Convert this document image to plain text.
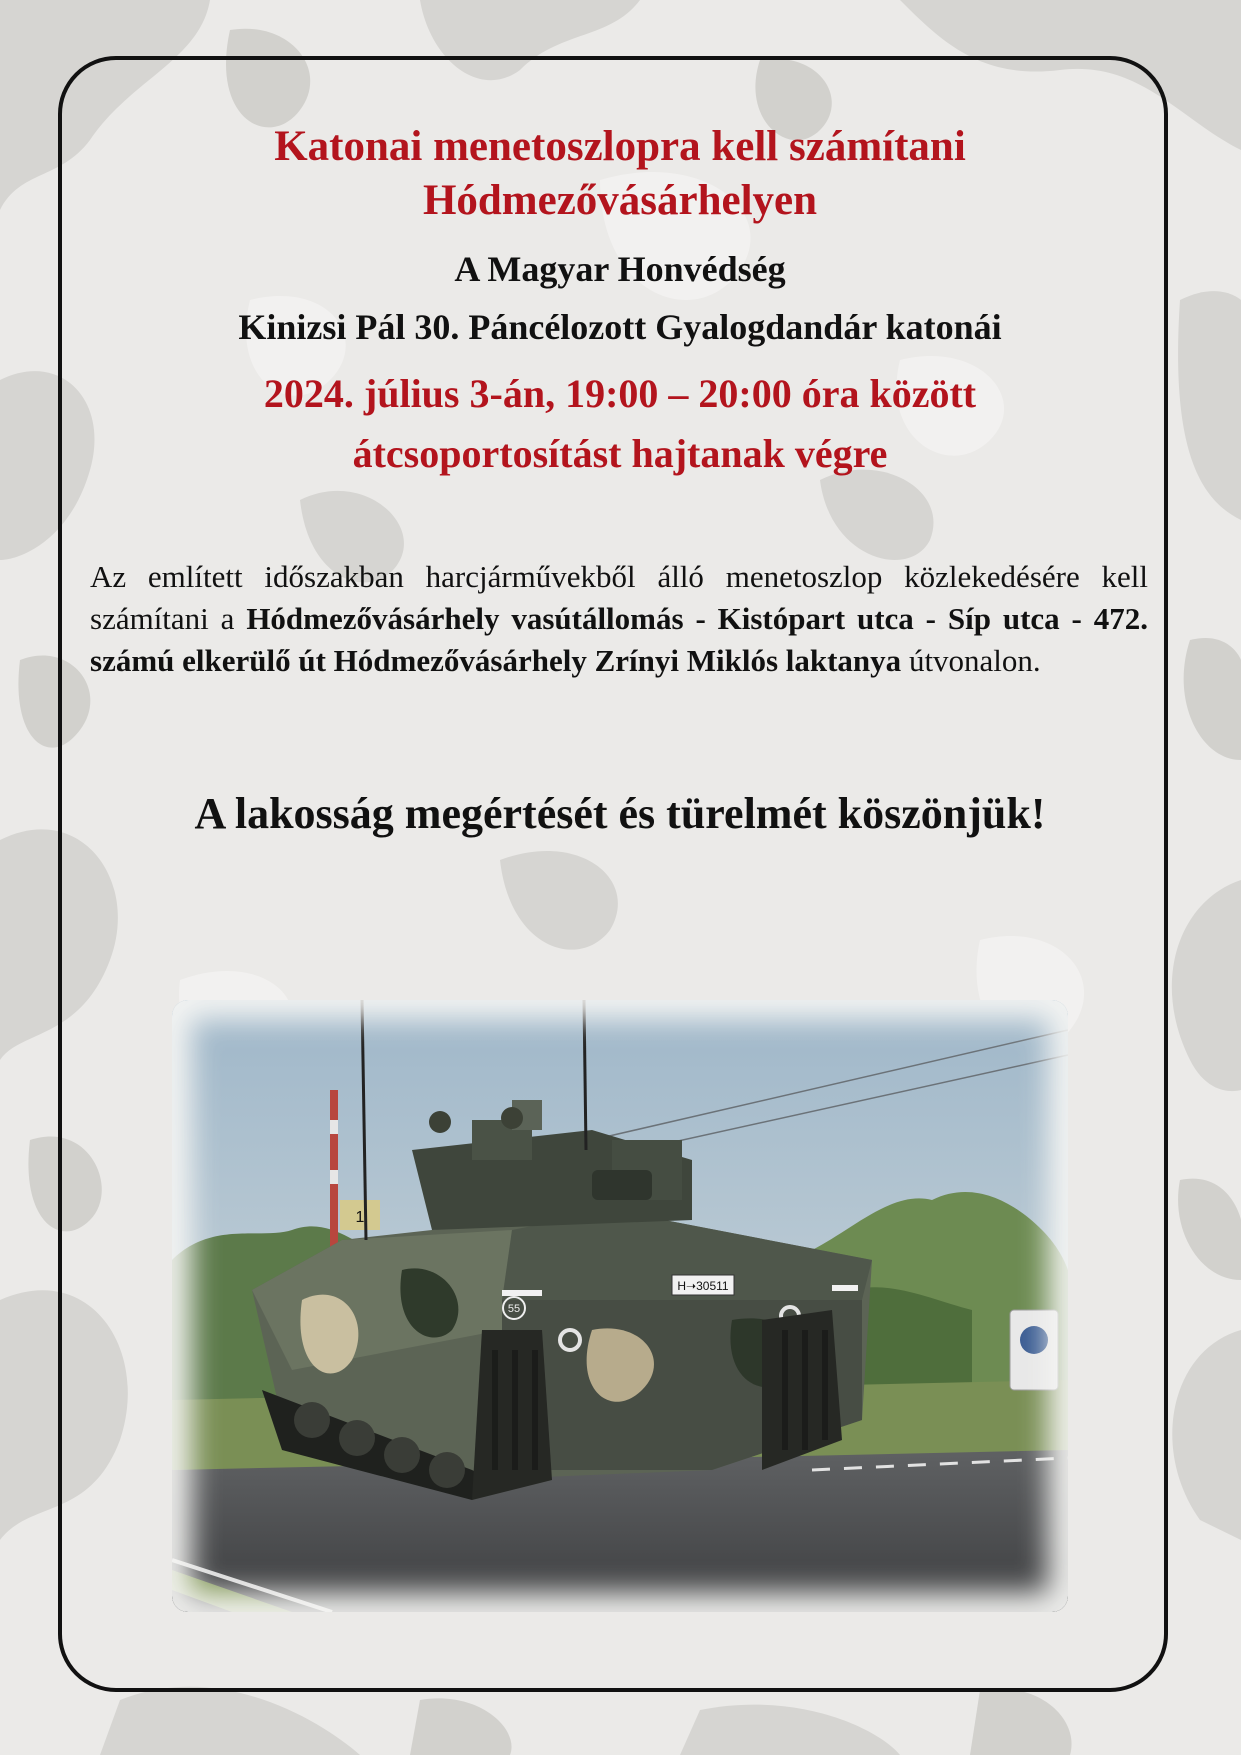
Katonai menetoszlopra kell számítani
Hódmezővásárhelyen

A Magyar Honvédség
Kinizsi Pál 30. Páncélozott Gyalogdandár katonái

2024. július 3-án, 19:00 – 20:00 óra között
átcsoportosítást hajtanak végre

Az említett időszakban harcjárművekből álló menetoszlop közlekedésére kell számítani a Hódmezővásárhely vasútállomás - Kistópart utca - Síp utca - 472. számú elkerülő út Hódmezővásárhely Zrínyi Miklós laktanya útvonalon.

A lakosság megértését és türelmét köszönjük!

1
H➝30511
55
